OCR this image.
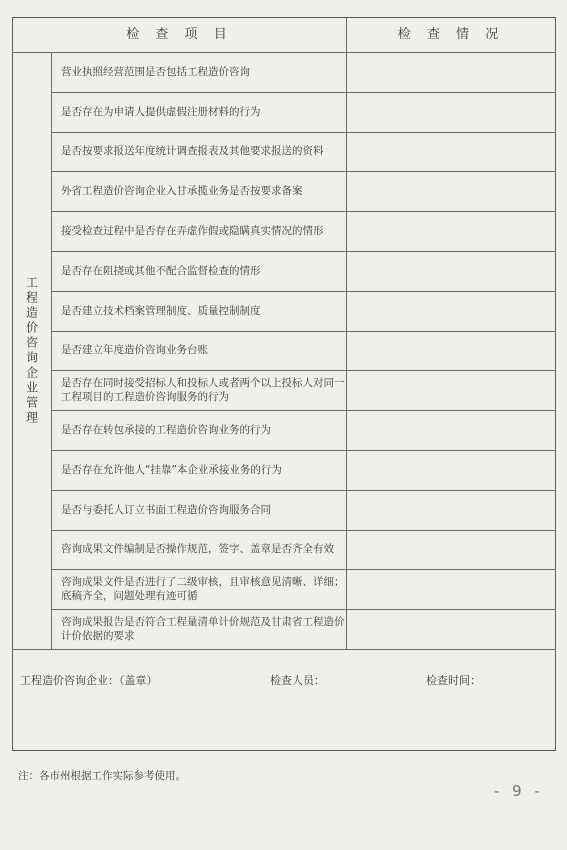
检 查 项 目	检 查 情 况
工程造价咨询企业管理
营业执照经营范围是否包括工程造价咨询
是否存在为申请人提供虚假注册材料的行为
是否按要求报送年度统计调查报表及其他要求报送的资料
外省工程造价咨询企业入甘承揽业务是否按要求备案
接受检查过程中是否存在弄虚作假或隐瞒真实情况的情形
是否存在阻挠或其他不配合监督检查的情形
是否建立技术档案管理制度、质量控制制度
是否建立年度造价咨询业务台账
是否存在同时接受招标人和投标人或者两个以上投标人对同一工程项目的工程造价咨询服务的行为
是否存在转包承接的工程造价咨询业务的行为
是否存在允许他人“挂靠”本企业承接业务的行为
是否与委托人订立书面工程造价咨询服务合同
咨询成果文件编制是否操作规范，签字、盖章是否齐全有效
咨询成果文件是否进行了二级审核，且审核意见清晰、详细；底稿齐全，问题处理有迹可循
咨询成果报告是否符合工程量清单计价规范及甘肃省工程造价计价依据的要求
工程造价咨询企业：（盖章）	检查人员：	检查时间：
注：各市州根据工作实际参考使用。
- 9 -
